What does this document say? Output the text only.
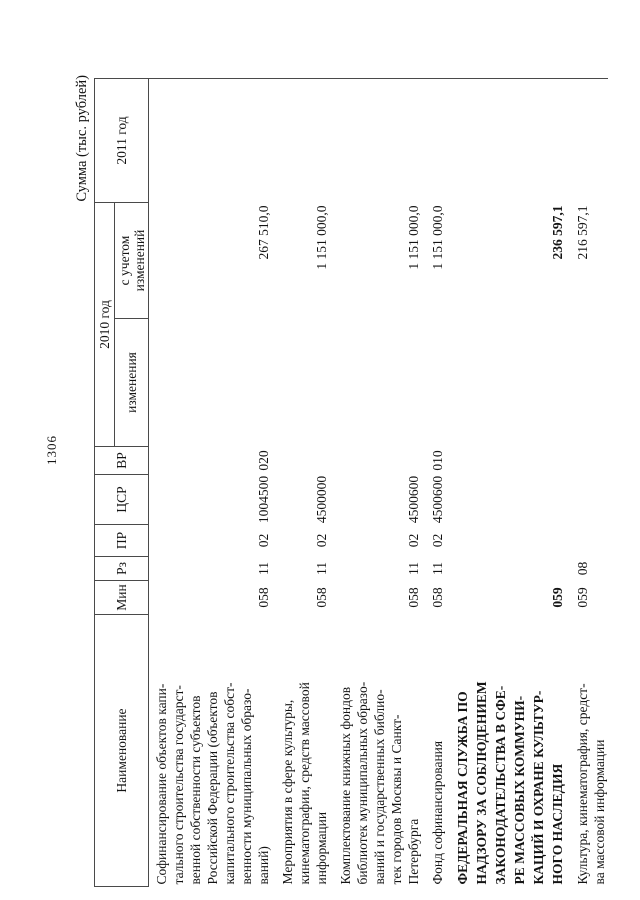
1306
Сумма (тыс. рублей)
Наименование	Мин	Рз	ПР	ЦСР	ВР	2010 год		2011 год
						изменения	с учетом изменений	
Софинансирование объектов капи- тального строительства государст- венной собственности субъектов Российской Федерации (объектов капитального строительства собст- венности муниципальных образо- ваний)	058	11	02	1004500	020		267 510,0	
Мероприятия в сфере культуры, кинематографии, средств массовой информации	058	11	02	4500000			1 151 000,0	
Комплектование книжных фондов библиотек муниципальных образо- ваний и государственных библио- тек городов Москвы и Санкт- Петербурга	058	11	02	4500600			1 151 000,0	
Фонд софинансирования	058	11	02	4500600	010		1 151 000,0	
ФЕДЕРАЛЬНАЯ СЛУЖБА ПО НАДЗОРУ ЗА СОБЛЮДЕНИЕМ ЗАКОНОДАТЕЛЬСТВА В СФЕ- РЕ МАССОВЫХ КОММУНИ- КАЦИЙ И ОХРАНЕ КУЛЬТУР- НОГО НАСЛЕДИЯ	059						236 597,1	
Культура, кинематография, средст- ва массовой информации	059	08					216 597,1	
